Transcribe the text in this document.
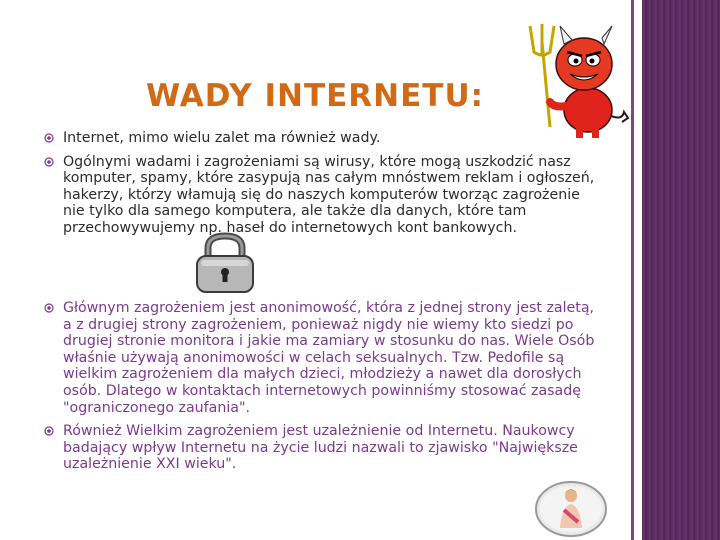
WADY INTERNETU:
Internet, mimo wielu zalet ma również wady.
Ogólnymi wadami i zagrożeniami są wirusy, które mogą uszkodzić nasz komputer, spamy, które zasypują nas całym mnóstwem reklam i ogłoszeń, hakerzy, którzy włamują się do naszych komputerów tworząc zagrożenie nie tylko dla samego komputera, ale także dla danych, które tam przechowywujemy np. haseł do internetowych kont bankowych.
Głównym zagrożeniem jest anonimowość, która z jednej strony jest zaletą, a z drugiej strony zagrożeniem, ponieważ nigdy nie wiemy kto siedzi po drugiej stronie monitora i jakie ma zamiary w stosunku do nas. Wiele Osób właśnie używają anonimowości w celach seksualnych. Tzw. Pedofile są wielkim zagrożeniem dla małych dzieci, młodzieży a nawet dla dorosłych osób. Dlatego w kontaktach internetowych powinniśmy stosować zasadę "ograniczonego zaufania".
Również Wielkim zagrożeniem jest uzależnienie od Internetu. Naukowcy badający wpływ Internetu na życie ludzi nazwali to zjawisko "Największe uzależnienie XXI wieku".
